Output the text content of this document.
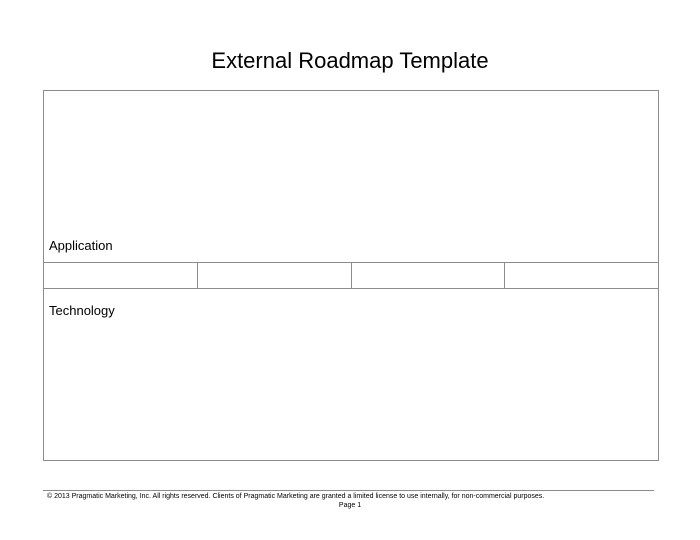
External Roadmap Template
Application
Technology
© 2013 Pragmatic Marketing, Inc. All rights reserved. Clients of Pragmatic Marketing are granted a limited license to use internally, for non-commercial purposes.
Page 1
